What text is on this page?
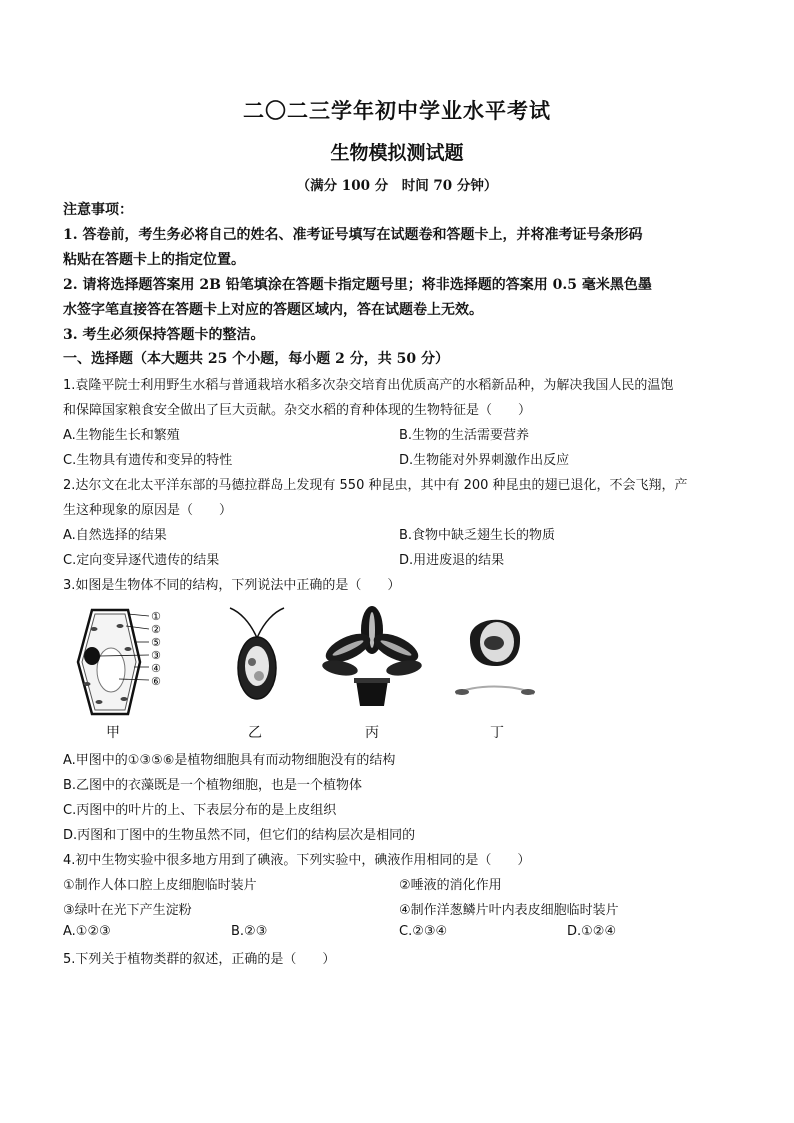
二〇二三学年初中学业水平考试
生物模拟测试题
（满分 100 分　时间 70 分钟）
注意事项：
1. 答卷前，考生务必将自己的姓名、准考证号填写在试题卷和答题卡上，并将准考证号条形码
粘贴在答题卡上的指定位置。
2. 请将选择题答案用 2B 铅笔填涂在答题卡指定题号里；将非选择题的答案用 0.5 毫米黑色墨
水签字笔直接答在答题卡上对应的答题区域内，答在试题卷上无效。
3. 考生必须保持答题卡的整洁。
一、选择题（本大题共 25 个小题，每小题 2 分，共 50 分）
1.袁隆平院士利用野生水稻与普通栽培水稻多次杂交培育出优质高产的水稻新品种，为解决我国人民的温饱
和保障国家粮食安全做出了巨大贡献。杂交水稻的育种体现的生物特征是（　　）
A.生物能生长和繁殖	B.生物的生活需要营养
C.生物具有遗传和变异的特性	D.生物能对外界刺激作出反应
2.达尔文在北太平洋东部的马德拉群岛上发现有 550 种昆虫，其中有 200 种昆虫的翅已退化，不会飞翔，产
生这种现象的原因是（　　）
A.自然选择的结果	B.食物中缺乏翅生长的物质
C.定向变异逐代遗传的结果	D.用进废退的结果
3.如图是生物体不同的结构，下列说法中正确的是（　　）
①
②
⑤
③
④
⑥
甲	乙	丙	丁
A.甲图中的①③⑤⑥是植物细胞具有而动物细胞没有的结构
B.乙图中的衣藻既是一个植物细胞，也是一个植物体
C.丙图中的叶片的上、下表层分布的是上皮组织
D.丙图和丁图中的生物虽然不同，但它们的结构层次是相同的
4.初中生物实验中很多地方用到了碘液。下列实验中，碘液作用相同的是（　　）
①制作人体口腔上皮细胞临时装片	②唾液的消化作用
③绿叶在光下产生淀粉	④制作洋葱鳞片叶内表皮细胞临时装片
A.①②③	B.②③	C.②③④	D.①②④
5.下列关于植物类群的叙述，正确的是（　　）
